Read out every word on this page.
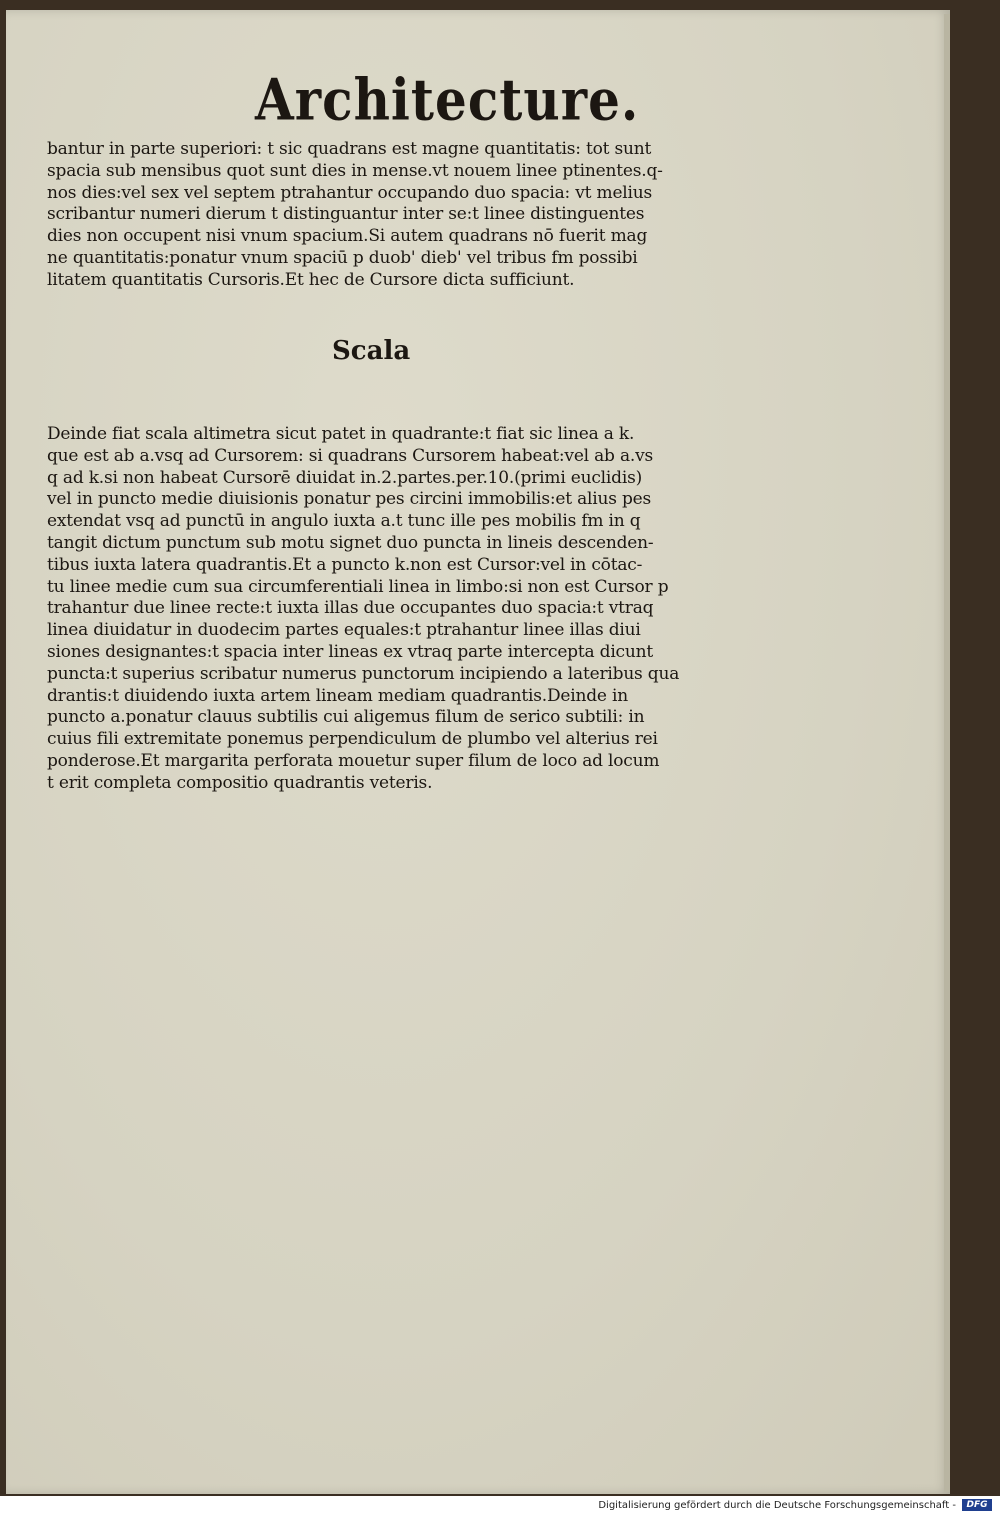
Architecture.
bantur in parte superiori: t sic quadrans est magne quantitatis: tot sunt
spacia sub mensibus quot sunt dies in mense.vt nouem linee ptinentes.q-
nos dies:vel sex vel septem ptrahantur occupando duo spacia: vt melius
scribantur numeri dierum t distinguantur inter se:t linee distinguentes
dies non occupent nisi vnum spacium.Si autem quadrans nō fuerit mag
ne quantitatis:ponatur vnum spaciū p duob' dieb' vel tribus fm possibi
litatem quantitatis Cursoris.Et hec de Cursore dicta sufficiunt.
Scala
Deinde fiat scala altimetra sicut patet in quadrante:t fiat sic linea a k.
que est ab a.vsq ad Cursorem: si quadrans Cursorem habeat:vel ab a.vs
q ad k.si non habeat Cursorē diuidat in.2.partes.per.10.(primi euclidis)
vel in puncto medie diuisionis ponatur pes circini immobilis:et alius pes
extendat vsq ad punctū in angulo iuxta a.t tunc ille pes mobilis fm in q
tangit dictum punctum sub motu signet duo puncta in lineis descenden-
tibus iuxta latera quadrantis.Et a puncto k.non est Cursor:vel in cōtac-
tu linee medie cum sua circumferentiali linea in limbo:si non est Cursor p
trahantur due linee recte:t iuxta illas due occupantes duo spacia:t vtraq
linea diuidatur in duodecim partes equales:t ptrahantur linee illas diui
siones designantes:t spacia inter lineas ex vtraq parte intercepta dicunt
puncta:t superius scribatur numerus punctorum incipiendo a lateribus qua
drantis:t diuidendo iuxta artem lineam mediam quadrantis.Deinde in
puncto a.ponatur clauus subtilis cui aligemus filum de serico subtili: in
cuius fili extremitate ponemus perpendiculum de plumbo vel alterius rei
ponderose.Et margarita perforata mouetur super filum de loco ad locum
t erit completa compositio quadrantis veteris.
Digitalisierung gefördert durch die Deutsche Forschungsgemeinschaft -	DFG
